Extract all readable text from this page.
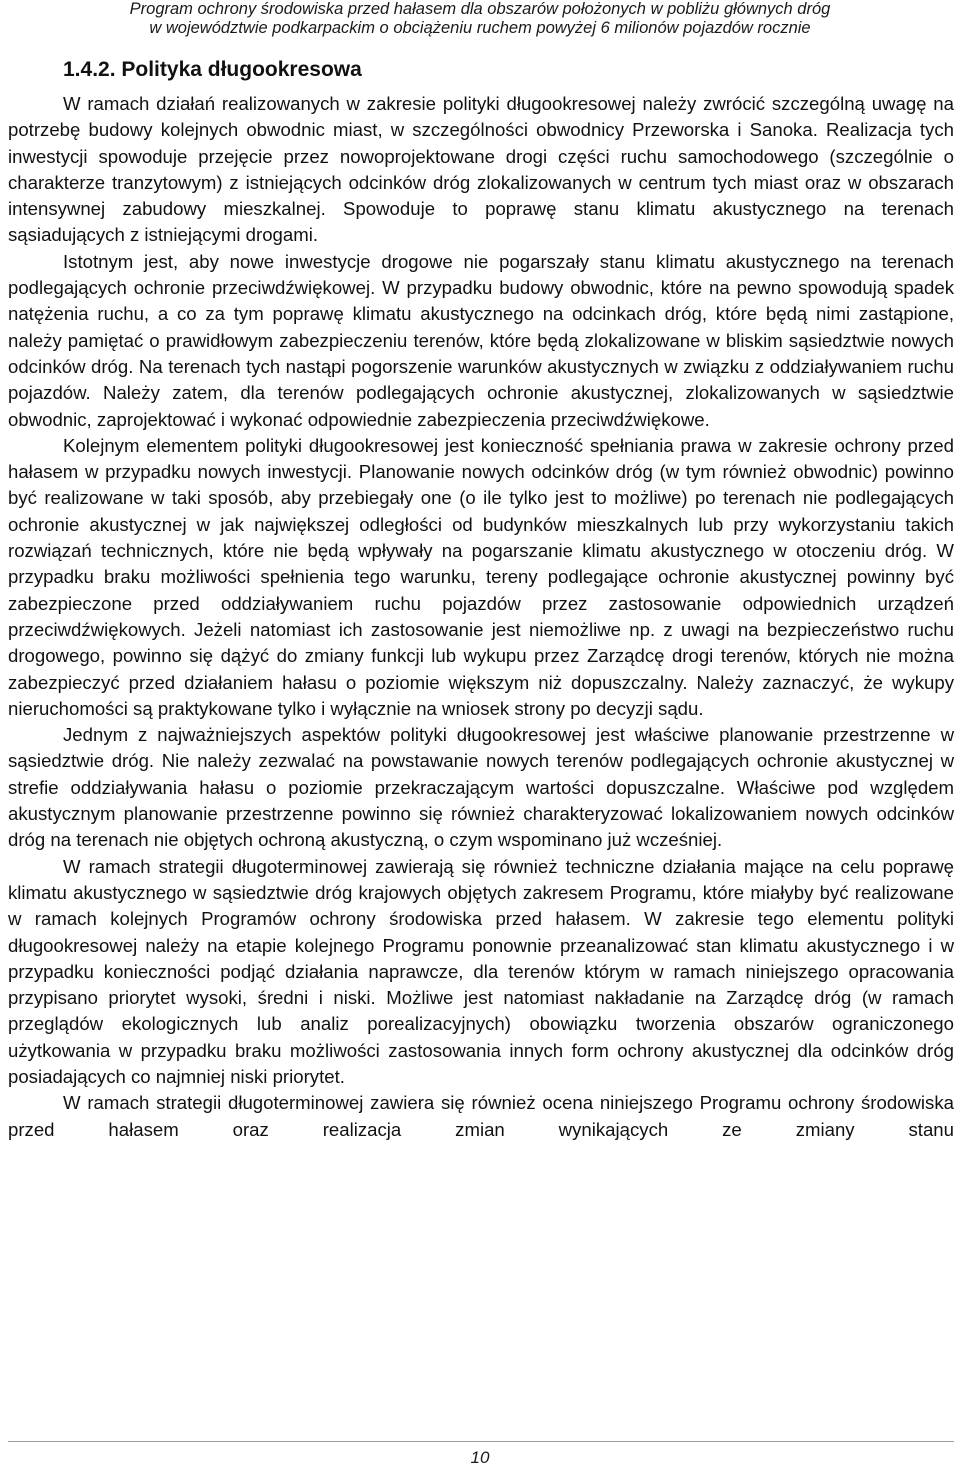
Program ochrony środowiska przed hałasem dla obszarów położonych w pobliżu głównych dróg
w województwie podkarpackim o obciążeniu ruchem powyżej 6 milionów pojazdów rocznie
1.4.2. Polityka długookresowa

W ramach działań realizowanych w zakresie polityki długookresowej należy zwrócić szczególną uwagę na potrzebę budowy kolejnych obwodnic miast, w szczególności obwodnicy Przeworska i Sanoka. Realizacja tych inwestycji spowoduje przejęcie przez nowoprojektowane drogi części ruchu samochodowego (szczególnie o charakterze tranzytowym) z istniejących odcinków dróg zlokalizowanych w centrum tych miast oraz w obszarach intensywnej zabudowy mieszkalnej. Spowoduje to poprawę stanu klimatu akustycznego na terenach sąsiadujących z istniejącymi drogami.

Istotnym jest, aby nowe inwestycje drogowe nie pogarszały stanu klimatu akustycznego na terenach podlegających ochronie przeciwdźwiękowej. W przypadku budowy obwodnic, które na pewno spowodują spadek natężenia ruchu, a co za tym poprawę klimatu akustycznego na odcinkach dróg, które będą nimi zastąpione, należy pamiętać o prawidłowym zabezpieczeniu terenów, które będą zlokalizowane w bliskim sąsiedztwie nowych odcinków dróg. Na terenach tych nastąpi pogorszenie warunków akustycznych w związku z oddziaływaniem ruchu pojazdów. Należy zatem, dla terenów podlegających ochronie akustycznej, zlokalizowanych w sąsiedztwie obwodnic, zaprojektować i wykonać odpowiednie zabezpieczenia przeciwdźwiękowe.

Kolejnym elementem polityki długookresowej jest konieczność spełniania prawa w zakresie ochrony przed hałasem w przypadku nowych inwestycji. Planowanie nowych odcinków dróg (w tym również obwodnic) powinno być realizowane w taki sposób, aby przebiegały one (o ile tylko jest to możliwe) po terenach nie podlegających ochronie akustycznej w jak największej odległości od budynków mieszkalnych lub przy wykorzystaniu takich rozwiązań technicznych, które nie będą wpływały na pogarszanie klimatu akustycznego w otoczeniu dróg. W przypadku braku możliwości spełnienia tego warunku, tereny podlegające ochronie akustycznej powinny być zabezpieczone przed oddziaływaniem ruchu pojazdów przez zastosowanie odpowiednich urządzeń przeciwdźwiękowych. Jeżeli natomiast ich zastosowanie jest niemożliwe np. z uwagi na bezpieczeństwo ruchu drogowego, powinno się dążyć do zmiany funkcji lub wykupu przez Zarządcę drogi terenów, których nie można zabezpieczyć przed działaniem hałasu o poziomie większym niż dopuszczalny. Należy zaznaczyć, że wykupy nieruchomości są praktykowane tylko i wyłącznie na wniosek strony po decyzji sądu.

Jednym z najważniejszych aspektów polityki długookresowej jest właściwe planowanie przestrzenne w sąsiedztwie dróg. Nie należy zezwalać na powstawanie nowych terenów podlegających ochronie akustycznej w strefie oddziaływania hałasu o poziomie przekraczającym wartości dopuszczalne. Właściwe pod względem akustycznym planowanie przestrzenne powinno się również charakteryzować lokalizowaniem nowych odcinków dróg na terenach nie objętych ochroną akustyczną, o czym wspominano już wcześniej.

W ramach strategii długoterminowej zawierają się również techniczne działania mające na celu poprawę klimatu akustycznego w sąsiedztwie dróg krajowych objętych zakresem Programu, które miałyby być realizowane w ramach kolejnych Programów ochrony środowiska przed hałasem. W zakresie tego elementu polityki długookresowej należy na etapie kolejnego Programu ponownie przeanalizować stan klimatu akustycznego i w przypadku konieczności podjąć działania naprawcze, dla terenów którym w ramach niniejszego opracowania przypisano priorytet wysoki, średni i niski. Możliwe jest natomiast nakładanie na Zarządcę dróg (w ramach przeglądów ekologicznych lub analiz porealizacyjnych) obowiązku tworzenia obszarów ograniczonego użytkowania w przypadku braku możliwości zastosowania innych form ochrony akustycznej dla odcinków dróg posiadających co najmniej niski priorytet.

W ramach strategii długoterminowej zawiera się również ocena niniejszego Programu ochrony środowiska przed hałasem oraz realizacja zmian wynikających ze zmiany stanu

10
